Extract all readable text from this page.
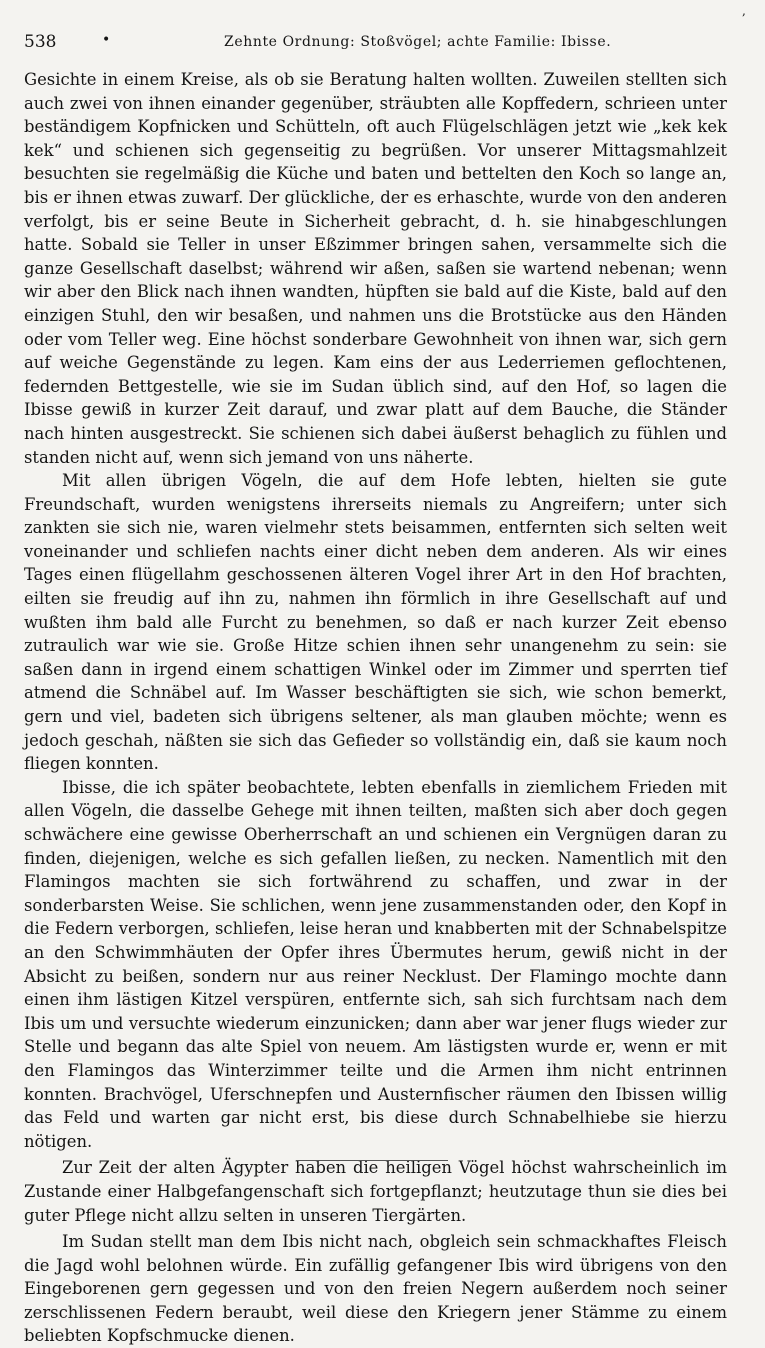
538	•	Zehnte Ordnung: Stoßvögel; achte Familie: Ibisse.
,

Gesichte in einem Kreise, als ob sie Beratung halten wollten. Zuweilen stellten sich auch zwei von ihnen einander gegenüber, sträubten alle Kopffedern, schrieen unter beständigem Kopfnicken und Schütteln, oft auch Flügelschlägen jetzt wie „kek kek kek“ und schienen sich gegenseitig zu begrüßen. Vor unserer Mittagsmahlzeit besuchten sie regelmäßig die Küche und baten und bettelten den Koch so lange an, bis er ihnen etwas zuwarf. Der glückliche, der es erhaschte, wurde von den anderen verfolgt, bis er seine Beute in Sicherheit gebracht, d. h. sie hinabgeschlungen hatte. Sobald sie Teller in unser Eßzimmer bringen sahen, versammelte sich die ganze Gesellschaft daselbst; während wir aßen, saßen sie wartend nebenan; wenn wir aber den Blick nach ihnen wandten, hüpften sie bald auf die Kiste, bald auf den einzigen Stuhl, den wir besaßen, und nahmen uns die Brotstücke aus den Händen oder vom Teller weg. Eine höchst sonderbare Gewohnheit von ihnen war, sich gern auf weiche Gegenstände zu legen. Kam eins der aus Lederriemen geflochtenen, federnden Bettgestelle, wie sie im Sudan üblich sind, auf den Hof, so lagen die Ibisse gewiß in kurzer Zeit darauf, und zwar platt auf dem Bauche, die Ständer nach hinten ausgestreckt. Sie schienen sich dabei äußerst behaglich zu fühlen und standen nicht auf, wenn sich jemand von uns näherte.

Mit allen übrigen Vögeln, die auf dem Hofe lebten, hielten sie gute Freundschaft, wurden wenigstens ihrerseits niemals zu Angreifern; unter sich zankten sie sich nie, waren vielmehr stets beisammen, entfernten sich selten weit voneinander und schliefen nachts einer dicht neben dem anderen. Als wir eines Tages einen flügellahm geschossenen älteren Vogel ihrer Art in den Hof brachten, eilten sie freudig auf ihn zu, nahmen ihn förmlich in ihre Gesellschaft auf und wußten ihm bald alle Furcht zu benehmen, so daß er nach kurzer Zeit ebenso zutraulich war wie sie. Große Hitze schien ihnen sehr unangenehm zu sein: sie saßen dann in irgend einem schattigen Winkel oder im Zimmer und sperrten tief atmend die Schnäbel auf. Im Wasser beschäftigten sie sich, wie schon bemerkt, gern und viel, badeten sich übrigens seltener, als man glauben möchte; wenn es jedoch geschah, näßten sie sich das Gefieder so vollständig ein, daß sie kaum noch fliegen konnten.

Ibisse, die ich später beobachtete, lebten ebenfalls in ziemlichem Frieden mit allen Vögeln, die dasselbe Gehege mit ihnen teilten, maßten sich aber doch gegen schwächere eine gewisse Oberherrschaft an und schienen ein Vergnügen daran zu finden, diejenigen, welche es sich gefallen ließen, zu necken. Namentlich mit den Flamingos machten sie sich fortwährend zu schaffen, und zwar in der sonderbarsten Weise. Sie schlichen, wenn jene zusammenstanden oder, den Kopf in die Federn verborgen, schliefen, leise heran und knabberten mit der Schnabelspitze an den Schwimmhäuten der Opfer ihres Übermutes herum, gewiß nicht in der Absicht zu beißen, sondern nur aus reiner Necklust. Der Flamingo mochte dann einen ihm lästigen Kitzel verspüren, entfernte sich, sah sich furchtsam nach dem Ibis um und versuchte wiederum einzunicken; dann aber war jener flugs wieder zur Stelle und begann das alte Spiel von neuem. Am lästigsten wurde er, wenn er mit den Flamingos das Winterzimmer teilte und die Armen ihm nicht entrinnen konnten. Brachvögel, Uferschnepfen und Austernfischer räumen den Ibissen willig das Feld und warten gar nicht erst, bis diese durch Schnabelhiebe sie hierzu nötigen.

Zur Zeit der alten Ägypter haben die heiligen Vögel höchst wahrscheinlich im Zustande einer Halbgefangenschaft sich fortgepflanzt; heutzutage thun sie dies bei guter Pflege nicht allzu selten in unseren Tiergärten.

Im Sudan stellt man dem Ibis nicht nach, obgleich sein schmackhaftes Fleisch die Jagd wohl belohnen würde. Ein zufällig gefangener Ibis wird übrigens von den Eingeborenen gern gegessen und von den freien Negern außerdem noch seiner zerschlissenen Federn beraubt, weil diese den Kriegern jener Stämme zu einem beliebten Kopfschmucke dienen.
